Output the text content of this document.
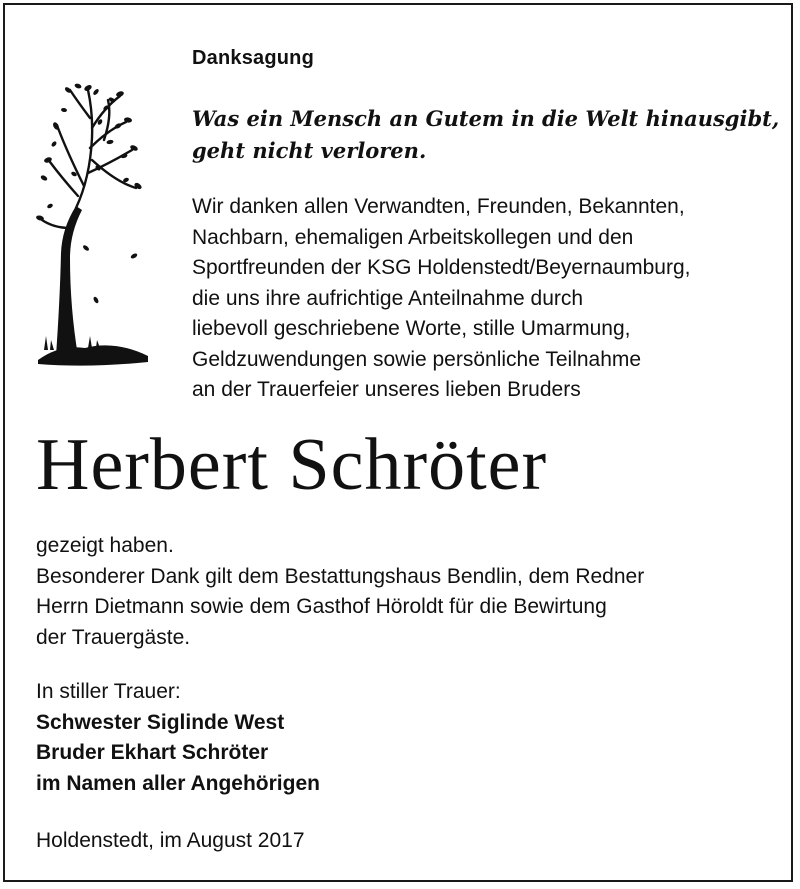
Danksagung
Was ein Mensch an Gutem in die Welt hinausgibt,
geht nicht verloren.
Wir danken allen Verwandten, Freunden, Bekannten,
Nachbarn, ehemaligen Arbeitskollegen und den
Sportfreunden der KSG Holdenstedt/Beyernaumburg,
die uns ihre aufrichtige Anteilnahme durch
liebevoll geschriebene Worte, stille Umarmung,
Geldzuwendungen sowie persönliche Teilnahme
an der Trauerfeier unseres lieben Bruders
Herbert Schröter
gezeigt haben.
Besonderer Dank gilt dem Bestattungshaus Bendlin, dem Redner
Herrn Dietmann sowie dem Gasthof Höroldt für die Bewirtung
der Trauergäste.
In stiller Trauer:
Schwester Siglinde West
Bruder Ekhart Schröter
im Namen aller Angehörigen
Holdenstedt, im August 2017
